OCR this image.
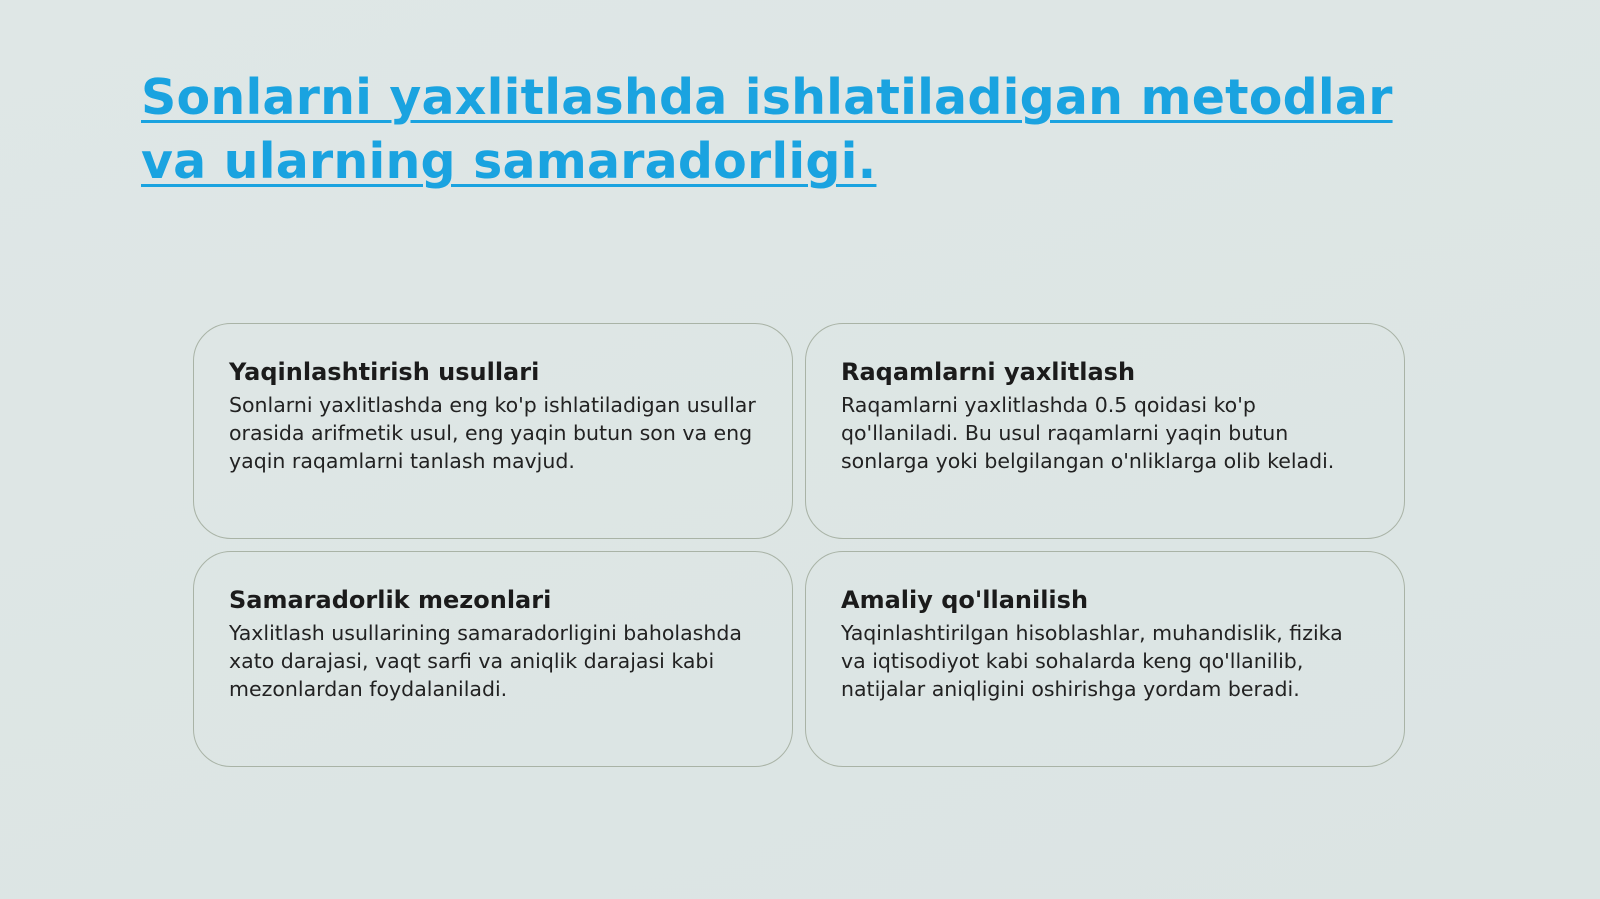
Sonlarni yaxlitlashda ishlatiladigan metodlar va ularning samaradorligi.
Yaqinlashtirish usullari
Sonlarni yaxlitlashda eng ko'p ishlatiladigan usullar orasida arifmetik usul, eng yaqin butun son va eng yaqin raqamlarni tanlash mavjud.
Raqamlarni yaxlitlash
Raqamlarni yaxlitlashda 0.5 qoidasi ko'p qo'llaniladi. Bu usul raqamlarni yaqin butun sonlarga yoki belgilangan o'nliklarga olib keladi.
Samaradorlik mezonlari
Yaxlitlash usullarining samaradorligini baholashda xato darajasi, vaqt sarfi va aniqlik darajasi kabi mezonlardan foydalaniladi.
Amaliy qo'llanilish
Yaqinlashtirilgan hisoblashlar, muhandislik, fizika va iqtisodiyot kabi sohalarda keng qo'llanilib, natijalar aniqligini oshirishga yordam beradi.
